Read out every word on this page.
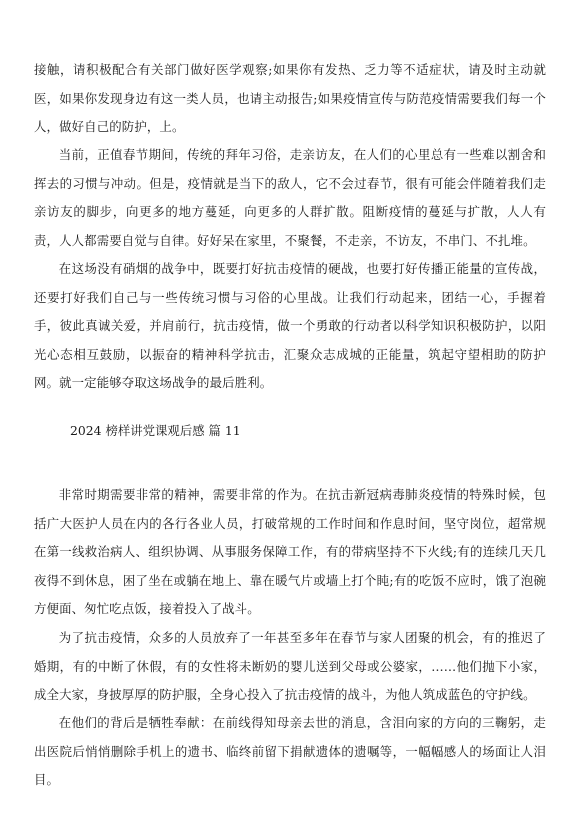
接触，请积极配合有关部门做好医学观察;如果你有发热、乏力等不适症状，请及时主动就医，如果你发现身边有这一类人员，也请主动报告;如果疫情宣传与防范疫情需要我们每一个人，做好自己的防护，上。

当前，正值春节期间，传统的拜年习俗，走亲访友，在人们的心里总有一些难以割舍和挥去的习惯与冲动。但是，疫情就是当下的敌人，它不会过春节，很有可能会伴随着我们走亲访友的脚步，向更多的地方蔓延，向更多的人群扩散。阻断疫情的蔓延与扩散，人人有责，人人都需要自觉与自律。好好呆在家里，不聚餐，不走亲，不访友，不串门、不扎堆。

在这场没有硝烟的战争中，既要打好抗击疫情的硬战，也要打好传播正能量的宣传战，还要打好我们自己与一些传统习惯与习俗的心里战。让我们行动起来，团结一心，手握着手，彼此真诚关爱，并肩前行，抗击疫情，做一个勇敢的行动者以科学知识积极防护，以阳光心态相互鼓励，以振奋的精神科学抗击，汇聚众志成城的正能量，筑起守望相助的防护网。就一定能够夺取这场战争的最后胜利。

2024 榜样讲党课观后感 篇 11

非常时期需要非常的精神，需要非常的作为。在抗击新冠病毒肺炎疫情的特殊时候，包括广大医护人员在内的各行各业人员，打破常规的工作时间和作息时间，坚守岗位，超常规在第一线救治病人、组织协调、从事服务保障工作，有的带病坚持不下火线;有的连续几天几夜得不到休息，困了坐在或躺在地上、靠在暖气片或墙上打个盹;有的吃饭不应时，饿了泡碗方便面、匆忙吃点饭，接着投入了战斗。

为了抗击疫情，众多的人员放弃了一年甚至多年在春节与家人团聚的机会，有的推迟了婚期，有的中断了休假，有的女性将未断奶的婴儿送到父母或公婆家，……他们抛下小家，成全大家，身披厚厚的防护服，全身心投入了抗击疫情的战斗，为他人筑成蓝色的守护线。

在他们的背后是牺牲奉献：在前线得知母亲去世的消息，含泪向家的方向的三鞠躬，走出医院后悄悄删除手机上的遗书、临终前留下捐献遗体的遗嘱等，一幅幅感人的场面让人泪目。
